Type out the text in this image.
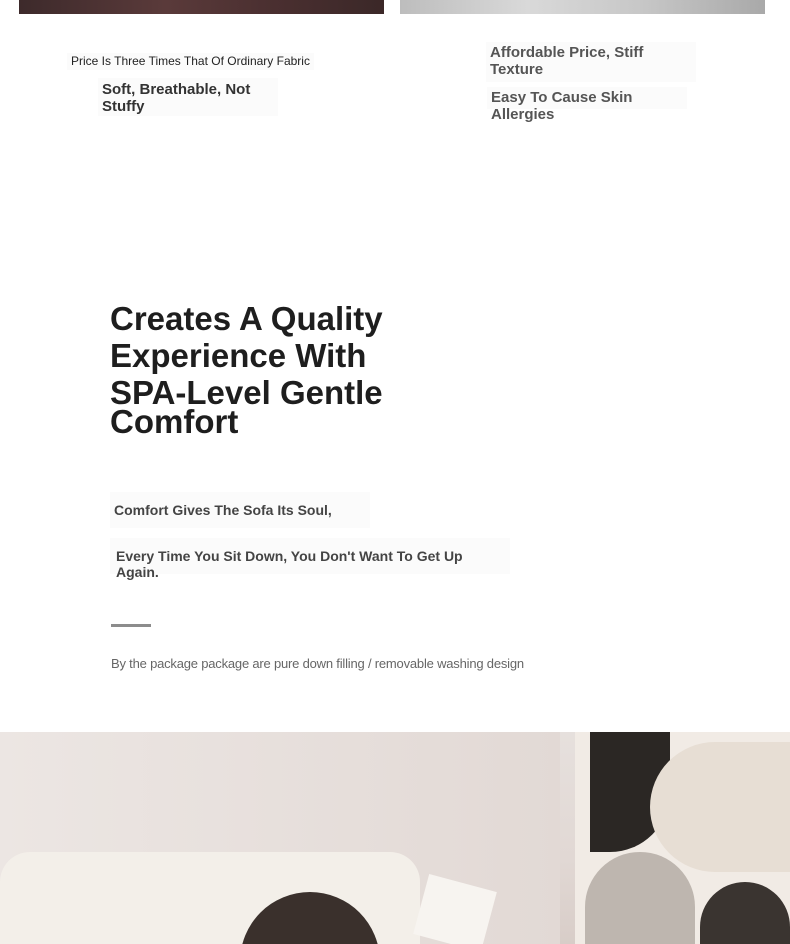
Price Is Three Times That Of Ordinary Fabric
Soft, Breathable, Not Stuffy
Affordable Price, Stiff Texture
Easy To Cause Skin Allergies
Creates A Quality
Experience With
SPA-Level Gentle
Comfort
Comfort Gives The Sofa Its Soul,
Every Time You Sit Down, You Don't Want To Get Up Again.
By the package package are pure down filling / removable washing design
